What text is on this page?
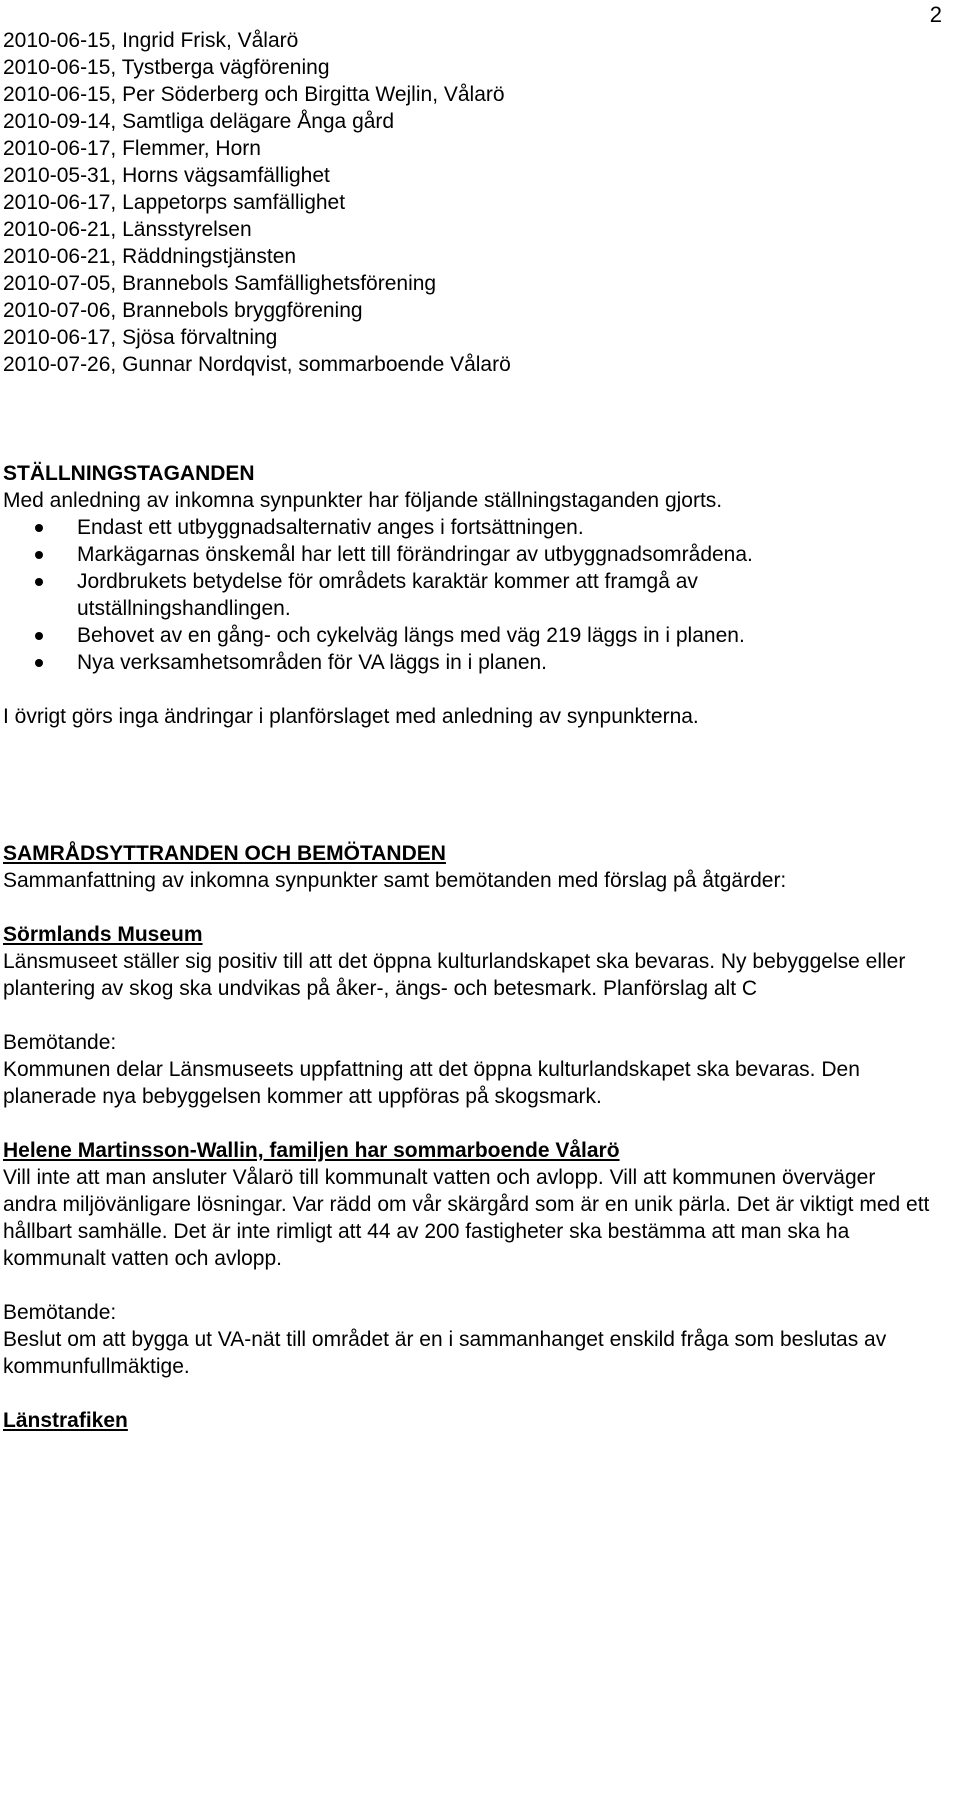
2
2010-06-15, Ingrid Frisk, Vålarö
2010-06-15, Tystberga vägförening
2010-06-15, Per Söderberg och Birgitta Wejlin, Vålarö
2010-09-14, Samtliga delägare Ånga gård
2010-06-17, Flemmer, Horn
2010-05-31, Horns vägsamfällighet
2010-06-17, Lappetorps samfällighet
2010-06-21, Länsstyrelsen
2010-06-21, Räddningstjänsten
2010-07-05, Brannebols Samfällighetsförening
2010-07-06, Brannebols bryggförening
2010-06-17, Sjösa förvaltning
2010-07-26, Gunnar Nordqvist, sommarboende Vålarö
STÄLLNINGSTAGANDEN
Med anledning av inkomna synpunkter har följande ställningstaganden gjorts.
Endast ett utbyggnadsalternativ anges i fortsättningen.
Markägarnas önskemål har lett till förändringar av utbyggnadsområdena.
Jordbrukets betydelse för områdets karaktär kommer att framgå av utställningshandlingen.
Behovet av en gång- och cykelväg längs med väg 219 läggs in i planen.
Nya verksamhetsområden för VA läggs in i planen.
I övrigt görs inga ändringar i planförslaget med anledning av synpunkterna.
SAMRÅDSYTTRANDEN OCH BEMÖTANDEN
Sammanfattning av inkomna synpunkter samt bemötanden med förslag på åtgärder:
Sörmlands Museum
Länsmuseet ställer sig positiv till att det öppna kulturlandskapet ska bevaras. Ny bebyggelse eller plantering av skog ska undvikas på åker-, ängs- och betesmark. Planförslag alt C
Bemötande:
Kommunen delar Länsmuseets uppfattning att det öppna kulturlandskapet ska bevaras. Den planerade nya bebyggelsen kommer att uppföras på skogsmark.
Helene Martinsson-Wallin, familjen har sommarboende Vålarö
Vill inte att man ansluter Vålarö till kommunalt vatten och avlopp. Vill att kommunen överväger andra miljövänligare lösningar. Var rädd om vår skärgård som är en unik pärla. Det är viktigt med ett hållbart samhälle. Det är inte rimligt att 44 av 200 fastigheter ska bestämma att man ska ha kommunalt vatten och avlopp.
Bemötande:
Beslut om att bygga ut VA-nät till området är en i sammanhanget enskild fråga som beslutas av kommunfullmäktige.
Länstrafiken
